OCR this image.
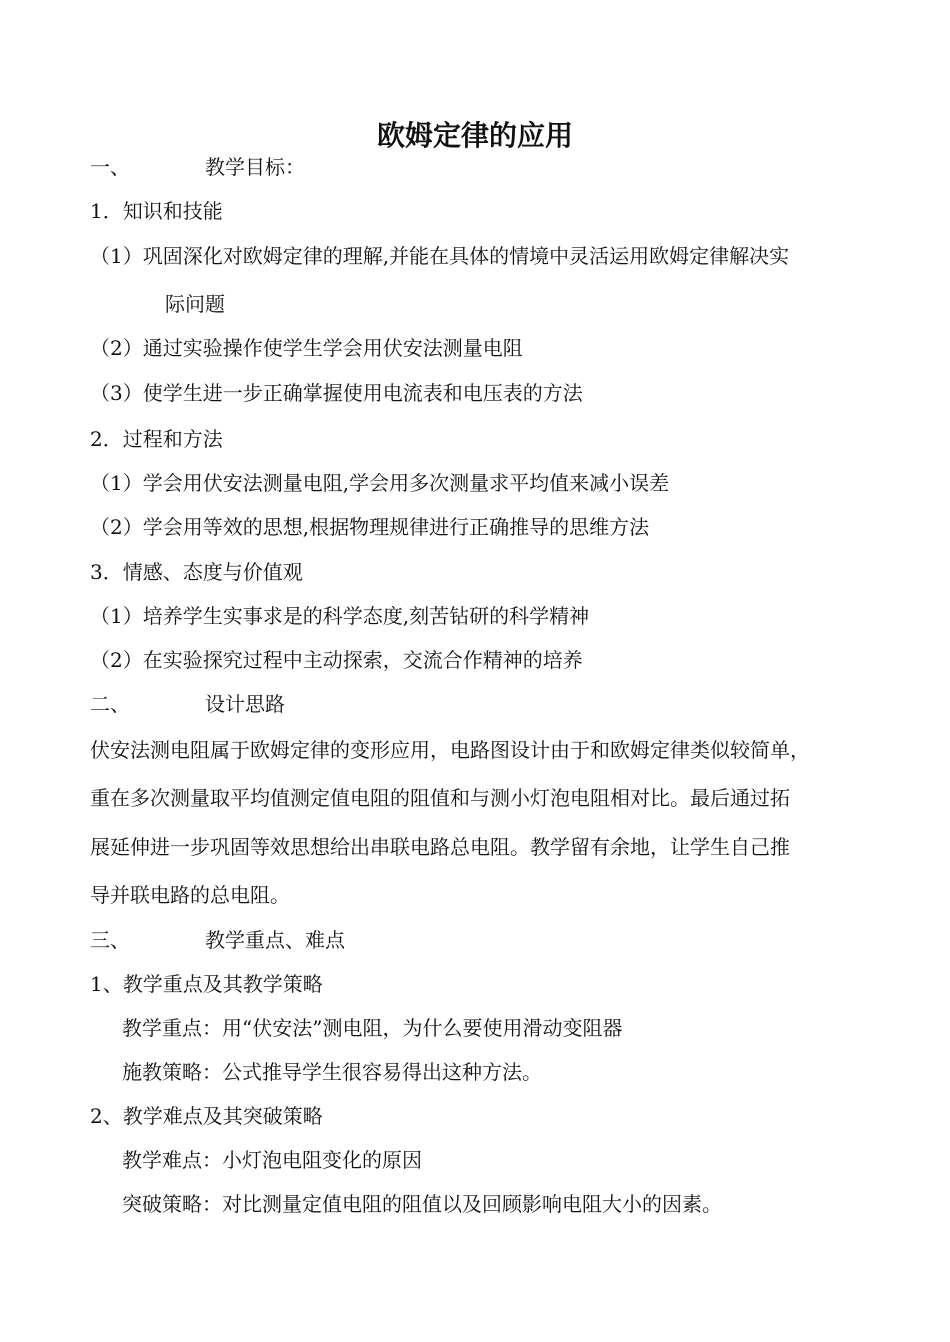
欧姆定律的应用
一、	教学目标：
1．知识和技能
（1）巩固深化对欧姆定律的理解,并能在具体的情境中灵活运用欧姆定律解决实
际问题
（2）通过实验操作使学生学会用伏安法测量电阻
（3）使学生进一步正确掌握使用电流表和电压表的方法
2．过程和方法
（1）学会用伏安法测量电阻,学会用多次测量求平均值来减小误差
（2）学会用等效的思想,根据物理规律进行正确推导的思维方法
3．情感、态度与价值观
（1）培养学生实事求是的科学态度,刻苦钻研的科学精神
（2）在实验探究过程中主动探索，交流合作精神的培养
二、	设计思路
伏安法测电阻属于欧姆定律的变形应用，电路图设计由于和欧姆定律类似较简单，
重在多次测量取平均值测定值电阻的阻值和与测小灯泡电阻相对比。最后通过拓
展延伸进一步巩固等效思想给出串联电路总电阻。教学留有余地，让学生自己推
导并联电路的总电阻。
三、	教学重点、难点
1、教学重点及其教学策略
教学重点：用“伏安法”测电阻，为什么要使用滑动变阻器
施教策略：公式推导学生很容易得出这种方法。
2、教学难点及其突破策略
教学难点：小灯泡电阻变化的原因
突破策略：对比测量定值电阻的阻值以及回顾影响电阻大小的因素。
